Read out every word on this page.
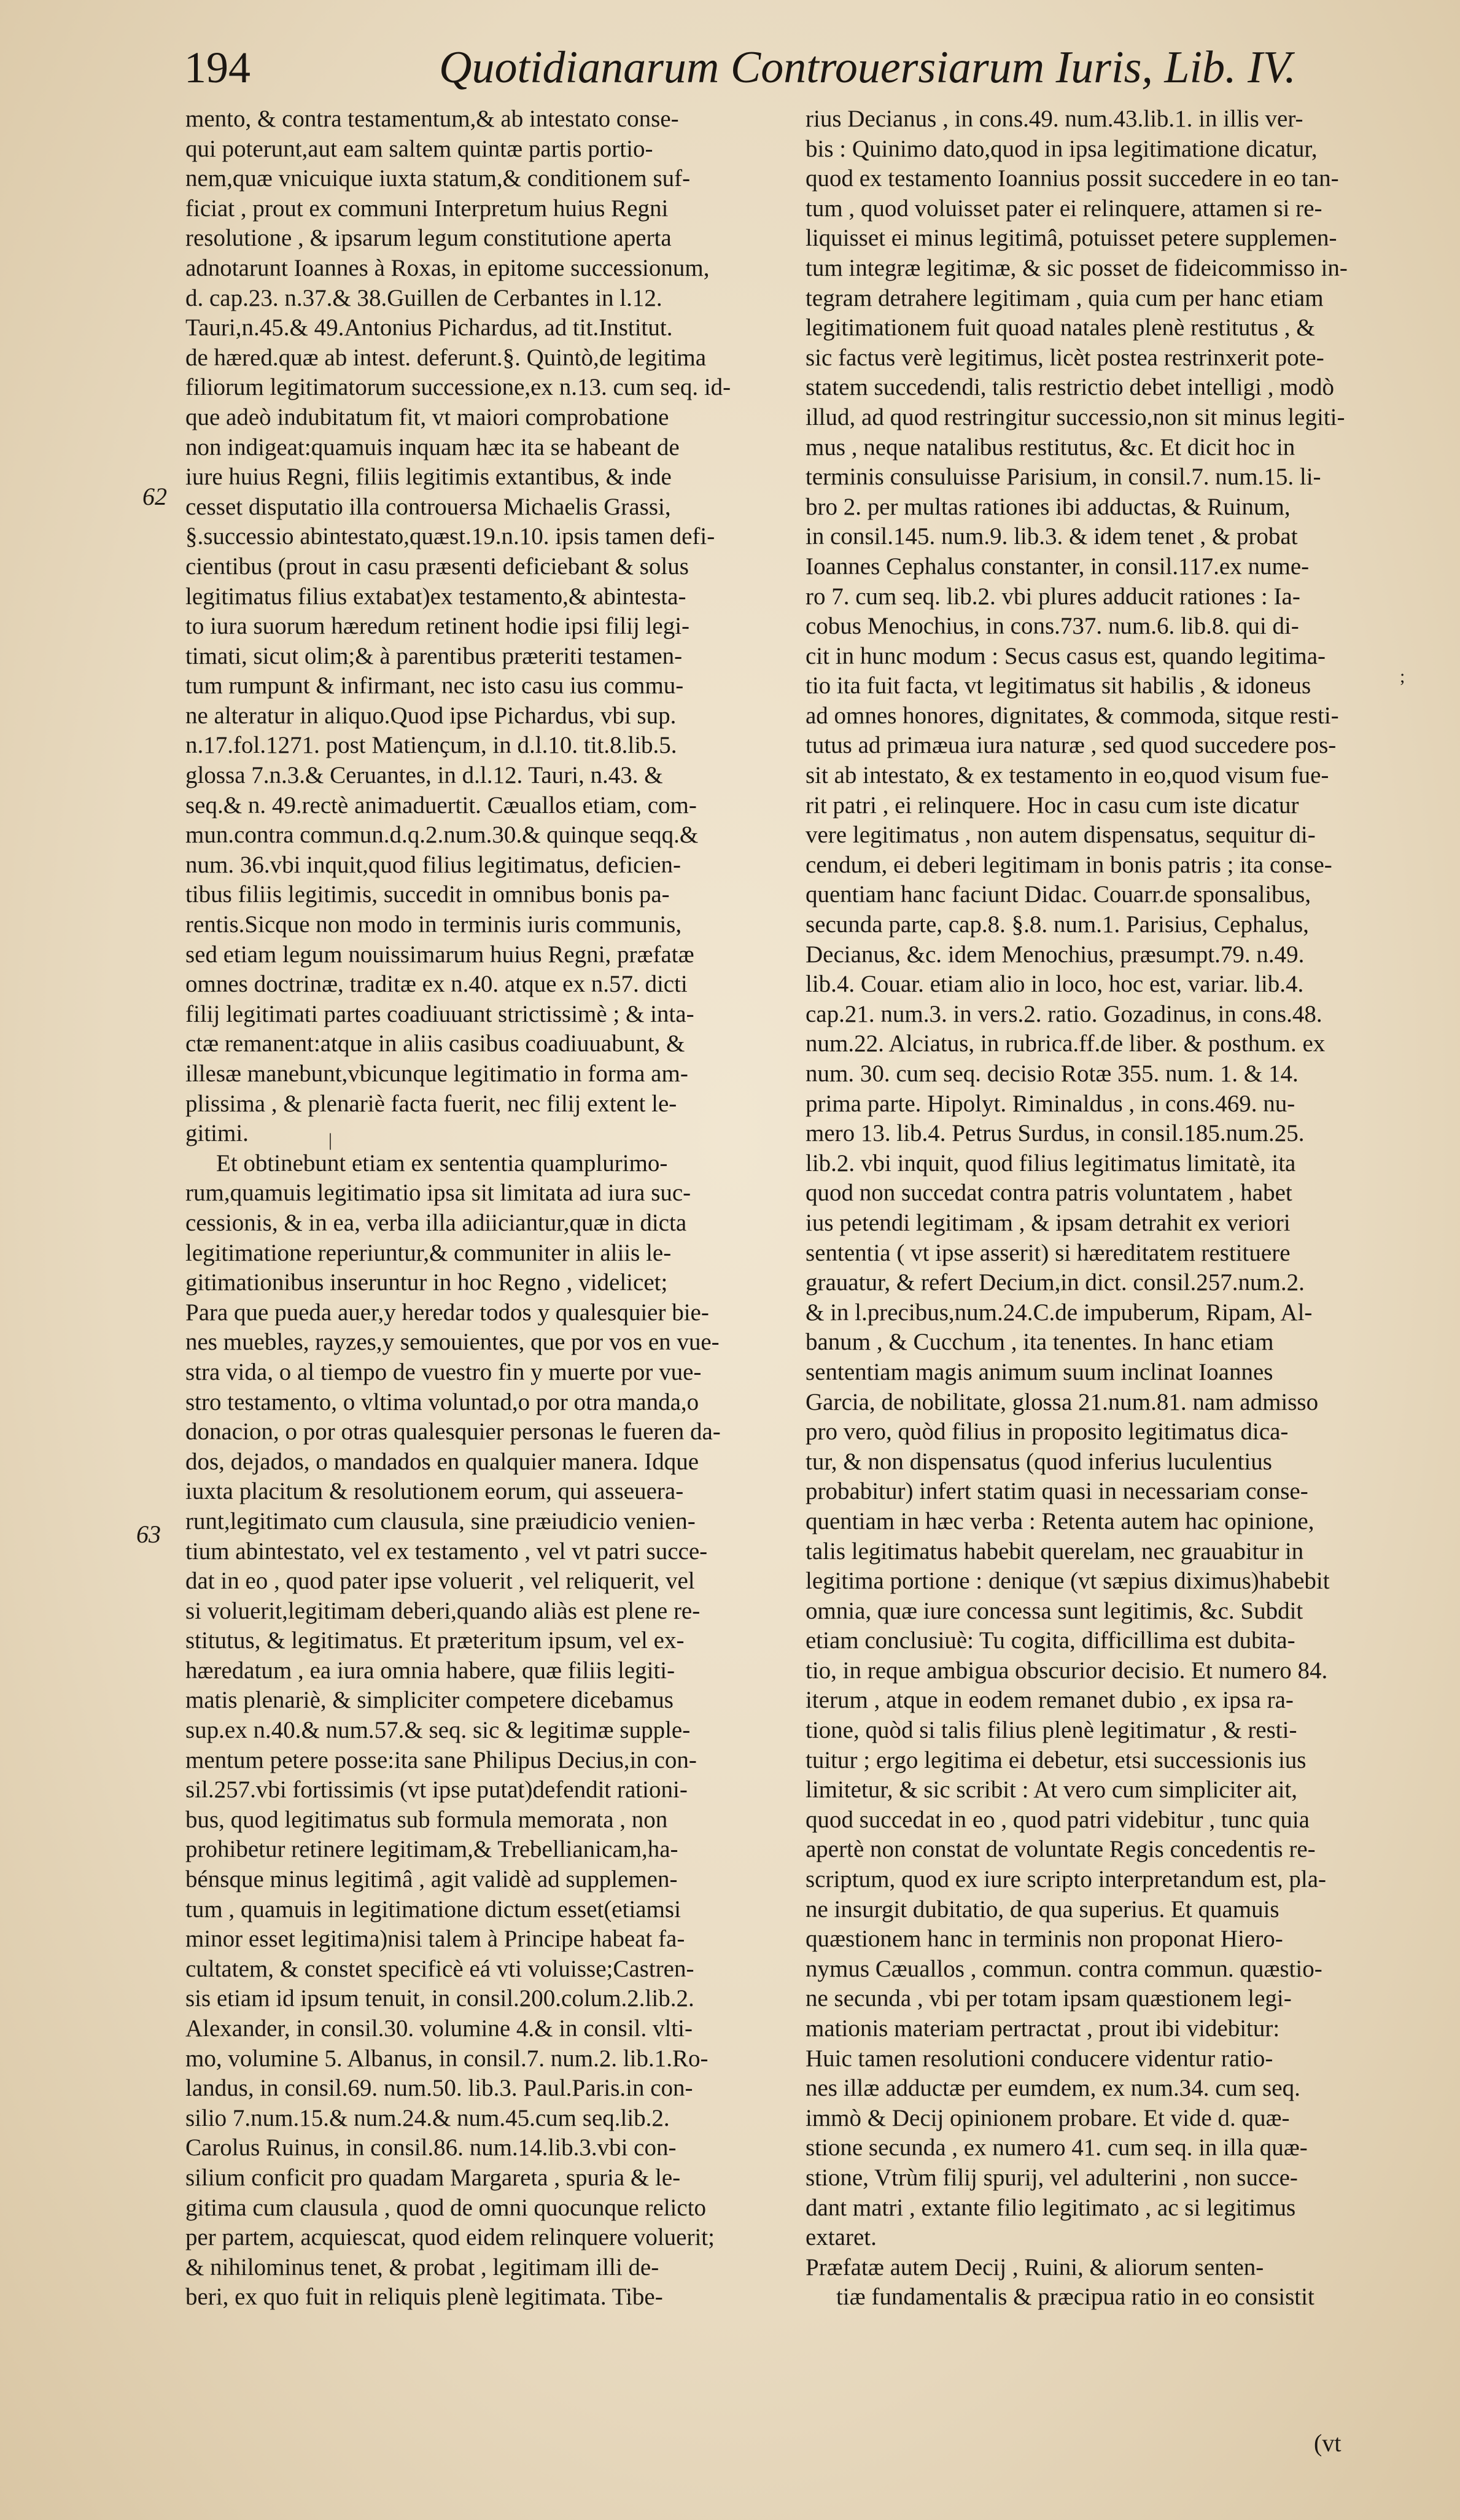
194	Quotidianarum Controuersiarum Iuris, Lib. IV.
62
63
|
;
mento, & contra testamentum,& ab intestato conse-
qui poterunt,aut eam saltem quintæ partis portio-
nem,quæ vnicuique iuxta statum,& conditionem suf-
ficiat , prout ex communi Interpretum huius Regni
resolutione , & ipsarum legum constitutione aperta
adnotarunt Ioannes à Roxas, in epitome successionum,
d. cap.23. n.37.& 38.Guillen de Cerbantes in l.12.
Tauri,n.45.& 49.Antonius Pichardus, ad tit.Institut.
de hæred.quæ ab intest. deferunt.§. Quintò,de legitima
filiorum legitimatorum successione,ex n.13. cum seq. id-
que adeò indubitatum fit, vt maiori comprobatione
non indigeat:quamuis inquam hæc ita se habeant de
iure huius Regni, filiis legitimis extantibus, & inde
cesset disputatio illa controuersa Michaelis Grassi,
§.successio abintestato,quæst.19.n.10. ipsis tamen defi-
cientibus (prout in casu præsenti deficiebant & solus
legitimatus filius extabat)ex testamento,& abintesta-
to iura suorum hæredum retinent hodie ipsi filij legi-
timati, sicut olim;& à parentibus præteriti testamen-
tum rumpunt & infirmant, nec isto casu ius commu-
ne alteratur in aliquo.Quod ipse Pichardus, vbi sup.
n.17.fol.1271. post Matienҫum, in d.l.10. tit.8.lib.5.
glossa 7.n.3.& Ceruantes, in d.l.12. Tauri, n.43. &
seq.& n. 49.rectè animaduertit. Cæuallos etiam, com-
mun.contra commun.d.q.2.num.30.& quinque seqq.&
num. 36.vbi inquit,quod filius legitimatus, deficien-
tibus filiis legitimis, succedit in omnibus bonis pa-
rentis.Sicque non modo in terminis iuris communis,
sed etiam legum nouissimarum huius Regni, præfatæ
omnes doctrinæ, traditæ ex n.40. atque ex n.57. dicti
filij legitimati partes coadiuuant strictissimè ; & inta-
ctæ remanent:atque in aliis casibus coadiuuabunt, &
illesæ manebunt,vbicunque legitimatio in forma am-
plissima , & plenariè facta fuerit, nec filij extent le-
gitimi.
Et obtinebunt etiam ex sententia quamplurimo-
rum,quamuis legitimatio ipsa sit limitata ad iura suc-
cessionis, & in ea, verba illa adiiciantur,quæ in dicta
legitimatione reperiuntur,& communiter in aliis le-
gitimationibus inseruntur in hoc Regno , videlicet;
Para que pueda auer,y heredar todos y qualesquier bie-
nes muebles, rayzes,y semouientes, que por vos en vue-
stra vida, o al tiempo de vuestro fin y muerte por vue-
stro testamento, o vltima voluntad,o por otra manda,o
donacion, o por otras qualesquier personas le fueren da-
dos, dejados, o mandados en qualquier manera. Idque
iuxta placitum & resolutionem eorum, qui asseuera-
runt,legitimato cum clausula, sine præiudicio venien-
tium abintestato, vel ex testamento , vel vt patri succe-
dat in eo , quod pater ipse voluerit , vel reliquerit, vel
si voluerit,legitimam deberi,quando aliàs est plene re-
stitutus, & legitimatus. Et præteritum ipsum, vel ex-
hæredatum , ea iura omnia habere, quæ filiis legiti-
matis plenariè, & simpliciter competere dicebamus
sup.ex n.40.& num.57.& seq. sic & legitimæ supple-
mentum petere posse:ita sane Philipus Decius,in con-
sil.257.vbi fortissimis (vt ipse putat)defendit rationi-
bus, quod legitimatus sub formula memorata , non
prohibetur retinere legitimam,& Trebellianicam,ha-
bénsque minus legitimâ , agit validè ad supplemen-
tum , quamuis in legitimatione dictum esset(etiamsi
minor esset legitima)nisi talem à Principe habeat fa-
cultatem, & constet specificè eá vti voluisse;Castren-
sis etiam id ipsum tenuit, in consil.200.colum.2.lib.2.
Alexander, in consil.30. volumine 4.& in consil. vlti-
mo, volumine 5. Albanus, in consil.7. num.2. lib.1.Ro-
landus, in consil.69. num.50. lib.3. Paul.Paris.in con-
silio 7.num.15.& num.24.& num.45.cum seq.lib.2.
Carolus Ruinus, in consil.86. num.14.lib.3.vbi con-
silium conficit pro quadam Margareta , spuria & le-
gitima cum clausula , quod de omni quocunque relicto
per partem, acquiescat, quod eidem relinquere voluerit;
& nihilominus tenet, & probat , legitimam illi de-
beri, ex quo fuit in reliquis plenè legitimata. Tibe-
rius Decianus , in cons.49. num.43.lib.1. in illis ver-
bis : Quinimo dato,quod in ipsa legitimatione dicatur,
quod ex testamento Ioannius possit succedere in eo tan-
tum , quod voluisset pater ei relinquere, attamen si re-
liquisset ei minus legitimâ, potuisset petere supplemen-
tum integræ legitimæ, & sic posset de fideicommisso in-
tegram detrahere legitimam , quia cum per hanc etiam
legitimationem fuit quoad natales plenè restitutus , &
sic factus verè legitimus, licèt postea restrinxerit pote-
statem succedendi, talis restrictio debet intelligi , modò
illud, ad quod restringitur successio,non sit minus legiti-
mus , neque natalibus restitutus, &c. Et dicit hoc in
terminis consuluisse Parisium, in consil.7. num.15. li-
bro 2. per multas rationes ibi adductas, & Ruinum,
in consil.145. num.9. lib.3. & idem tenet , & probat
Ioannes Cephalus constanter, in consil.117.ex nume-
ro 7. cum seq. lib.2. vbi plures adducit rationes : Ia-
cobus Menochius, in cons.737. num.6. lib.8. qui di-
cit in hunc modum : Secus casus est, quando legitima-
tio ita fuit facta, vt legitimatus sit habilis , & idoneus
ad omnes honores, dignitates, & commoda, sitque resti-
tutus ad primæua iura naturæ , sed quod succedere pos-
sit ab intestato, & ex testamento in eo,quod visum fue-
rit patri , ei relinquere. Hoc in casu cum iste dicatur
vere legitimatus , non autem dispensatus, sequitur di-
cendum, ei deberi legitimam in bonis patris ; ita conse-
quentiam hanc faciunt Didac. Couarr.de sponsalibus,
secunda parte, cap.8. §.8. num.1. Parisius, Cephalus,
Decianus, &c. idem Menochius, præsumpt.79. n.49.
lib.4. Couar. etiam alio in loco, hoc est, variar. lib.4.
cap.21. num.3. in vers.2. ratio. Gozadinus, in cons.48.
num.22. Alciatus, in rubrica.ff.de liber. & posthum. ex
num. 30. cum seq. decisio Rotæ 355. num. 1. & 14.
prima parte. Hipolyt. Riminaldus , in cons.469. nu-
mero 13. lib.4. Petrus Surdus, in consil.185.num.25.
lib.2. vbi inquit, quod filius legitimatus limitatè, ita
quod non succedat contra patris voluntatem , habet
ius petendi legitimam , & ipsam detrahit ex veriori
sententia ( vt ipse asserit) si hæreditatem restituere
grauatur, & refert Decium,in dict. consil.257.num.2.
& in l.precibus,num.24.C.de impuberum, Ripam, Al-
banum , & Cucchum , ita tenentes. In hanc etiam
sententiam magis animum suum inclinat Ioannes
Garcia, de nobilitate, glossa 21.num.81. nam admisso
pro vero, quòd filius in proposito legitimatus dica-
tur, & non dispensatus (quod inferius luculentius
probabitur) infert statim quasi in necessariam conse-
quentiam in hæc verba : Retenta autem hac opinione,
talis legitimatus habebit querelam, nec grauabitur in
legitima portione : denique (vt sæpius diximus)habebit
omnia, quæ iure concessa sunt legitimis, &c. Subdit
etiam conclusiuè: Tu cogita, difficillima est dubita-
tio, in reque ambigua obscurior decisio. Et numero 84.
iterum , atque in eodem remanet dubio , ex ipsa ra-
tione, quòd si talis filius plenè legitimatur , & resti-
tuitur ; ergo legitima ei debetur, etsi successionis ius
limitetur, & sic scribit : At vero cum simpliciter ait,
quod succedat in eo , quod patri videbitur , tunc quia
apertè non constat de voluntate Regis concedentis re-
scriptum, quod ex iure scripto interpretandum est, pla-
ne insurgit dubitatio, de qua superius. Et quamuis
quæstionem hanc in terminis non proponat Hiero-
nymus Cæuallos , commun. contra commun. quæstio-
ne secunda , vbi per totam ipsam quæstionem legi-
mationis materiam pertractat , prout ibi videbitur:
Huic tamen resolutioni conducere videntur ratio-
nes illæ adductæ per eumdem, ex num.34. cum seq.
immò & Decij opinionem probare. Et vide d. quæ-
stione secunda , ex numero 41. cum seq. in illa quæ-
stione, Vtrùm filij spurij, vel adulterini , non succe-
dant matri , extante filio legitimato , ac si legitimus
extaret.
Præfatæ autem Decij , Ruini, & aliorum senten-
tiæ fundamentalis & præcipua ratio in eo consistit
(vt
